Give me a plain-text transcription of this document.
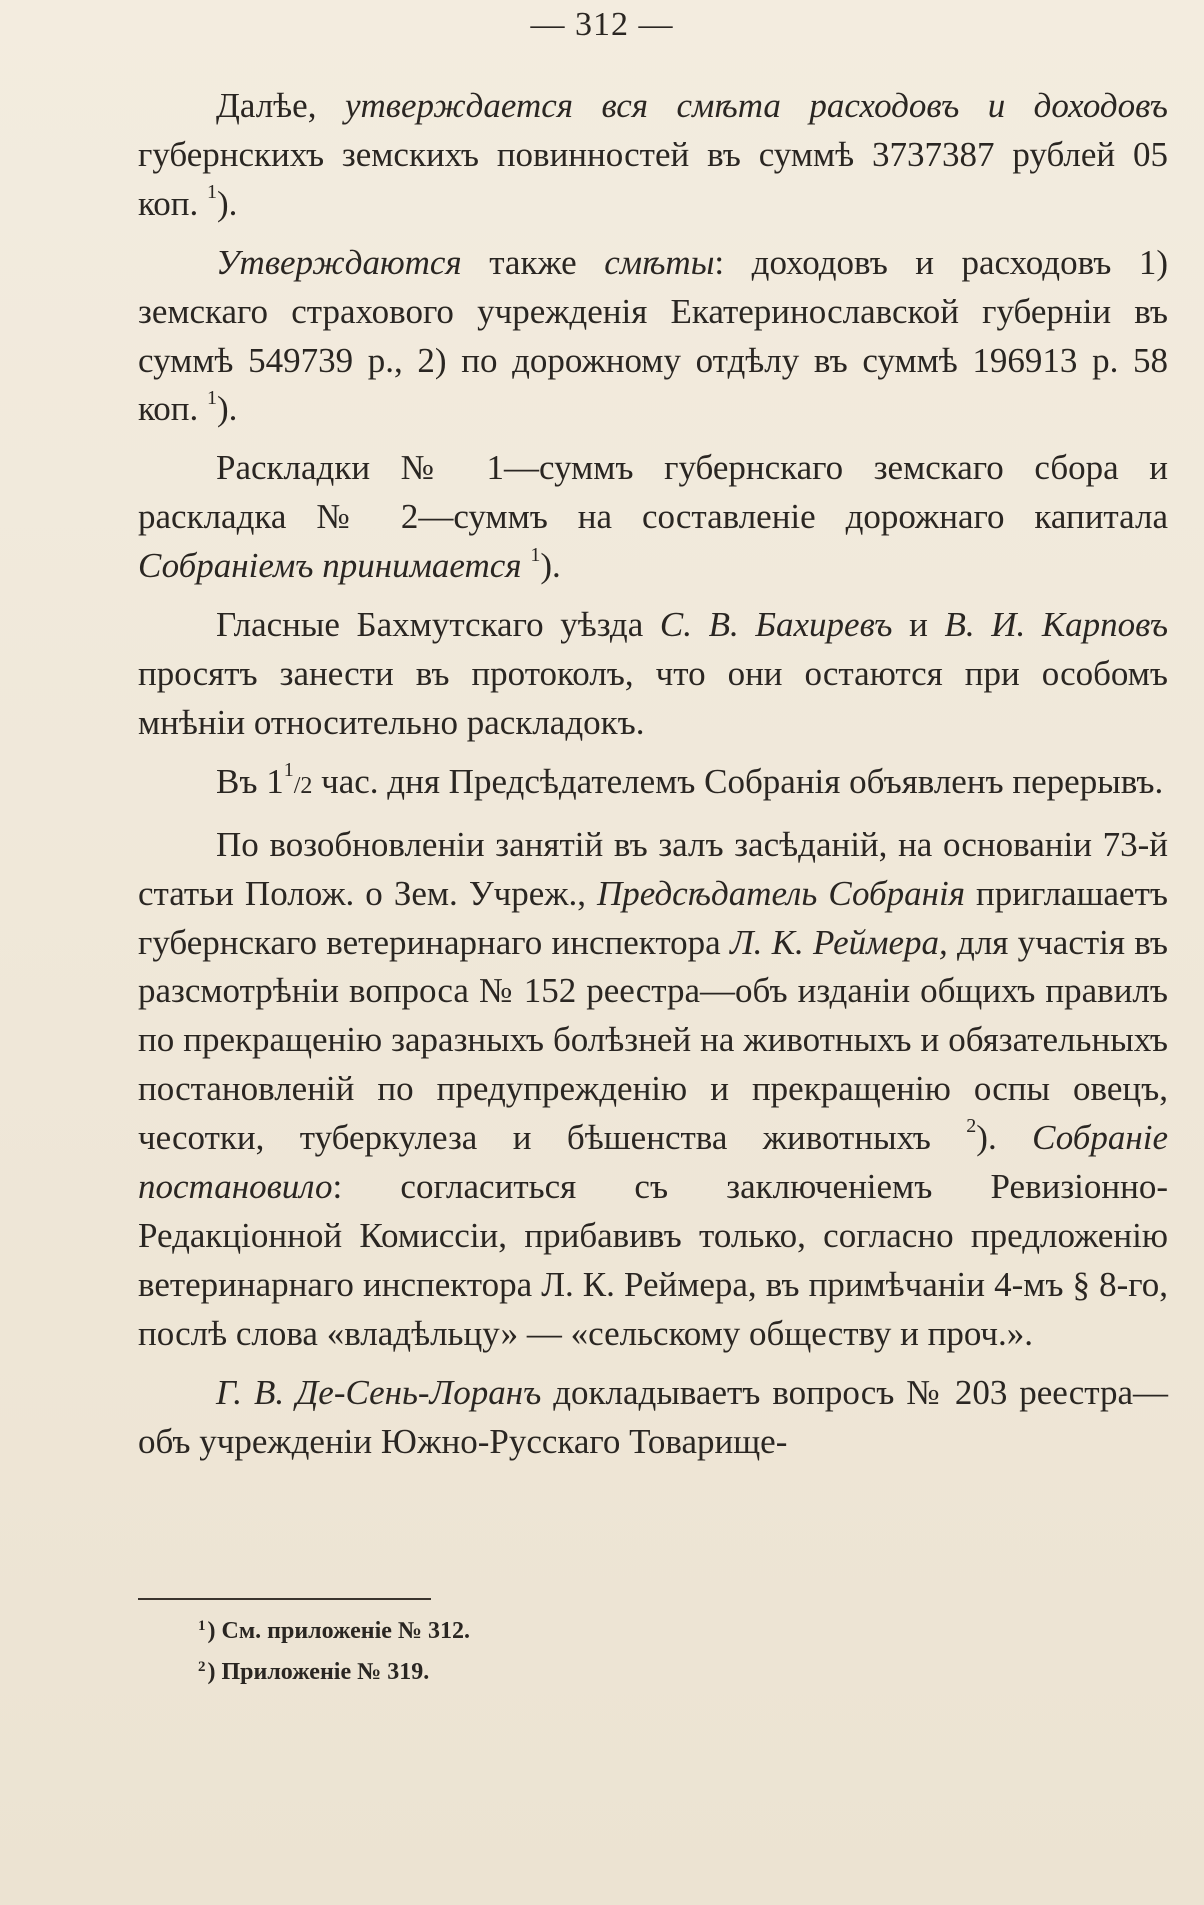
— 312 —

Далѣе, утверждается вся смѣта расходовъ и доходовъ губернскихъ земскихъ повинностей въ суммѣ 3737387 рублей 05 коп. $^1$).

Утверждаются также смѣты: доходовъ и расходовъ 1) земскаго страхового учрежденія Екатеринославской губерніи въ суммѣ 549739 р., 2) по дорожному отдѣлу въ суммѣ 196913 р. 58 коп. $^1$).

Раскладки № 1—суммъ губернскаго земскаго сбора и раскладка № 2—суммъ на составленіе дорожнаго капитала Собраніемъ принимается $^1$).

Гласные Бахмутскаго уѣзда С. В. Бахиревъ и В. И. Карповъ просятъ занести въ протоколъ, что они остаются при особомъ мнѣніи относительно раскладокъ.

Въ $1^1/2$ час. дня Предсѣдателемъ Собранія объявленъ перерывъ.

По возобновленіи занятій въ залъ засѣданій, на основаніи 73-й статьи Полож. о Зем. Учреж., Предсѣдатель Собранія приглашаетъ губернскаго ветеринарнаго инспектора Л. К. Реймера, для участія въ разсмотрѣніи вопроса № 152 реестра—объ изданіи общихъ правилъ по прекращенію заразныхъ болѣзней на животныхъ и обязательныхъ постановленій по предупрежденію и прекращенію оспы овецъ, чесотки, туберкулеза и бѣшенства животныхъ $^2$). Собраніе постановило: согласиться съ заключеніемъ Ревизіонно-Редакціонной Комиссіи, прибавивъ только, согласно предложенію ветеринарнаго инспектора Л. К. Реймера, въ примѣчаніи 4-мъ § 8-го, послѣ слова «владѣльцу» — «сельскому обществу и проч.».

Г. В. Де-Сень-Лоранъ докладываетъ вопросъ № 203 реестра—объ учрежденіи Южно-Русскаго Товарище-

$^1$) См. приложеніе № 312.
$^2$) Приложеніе № 319.
